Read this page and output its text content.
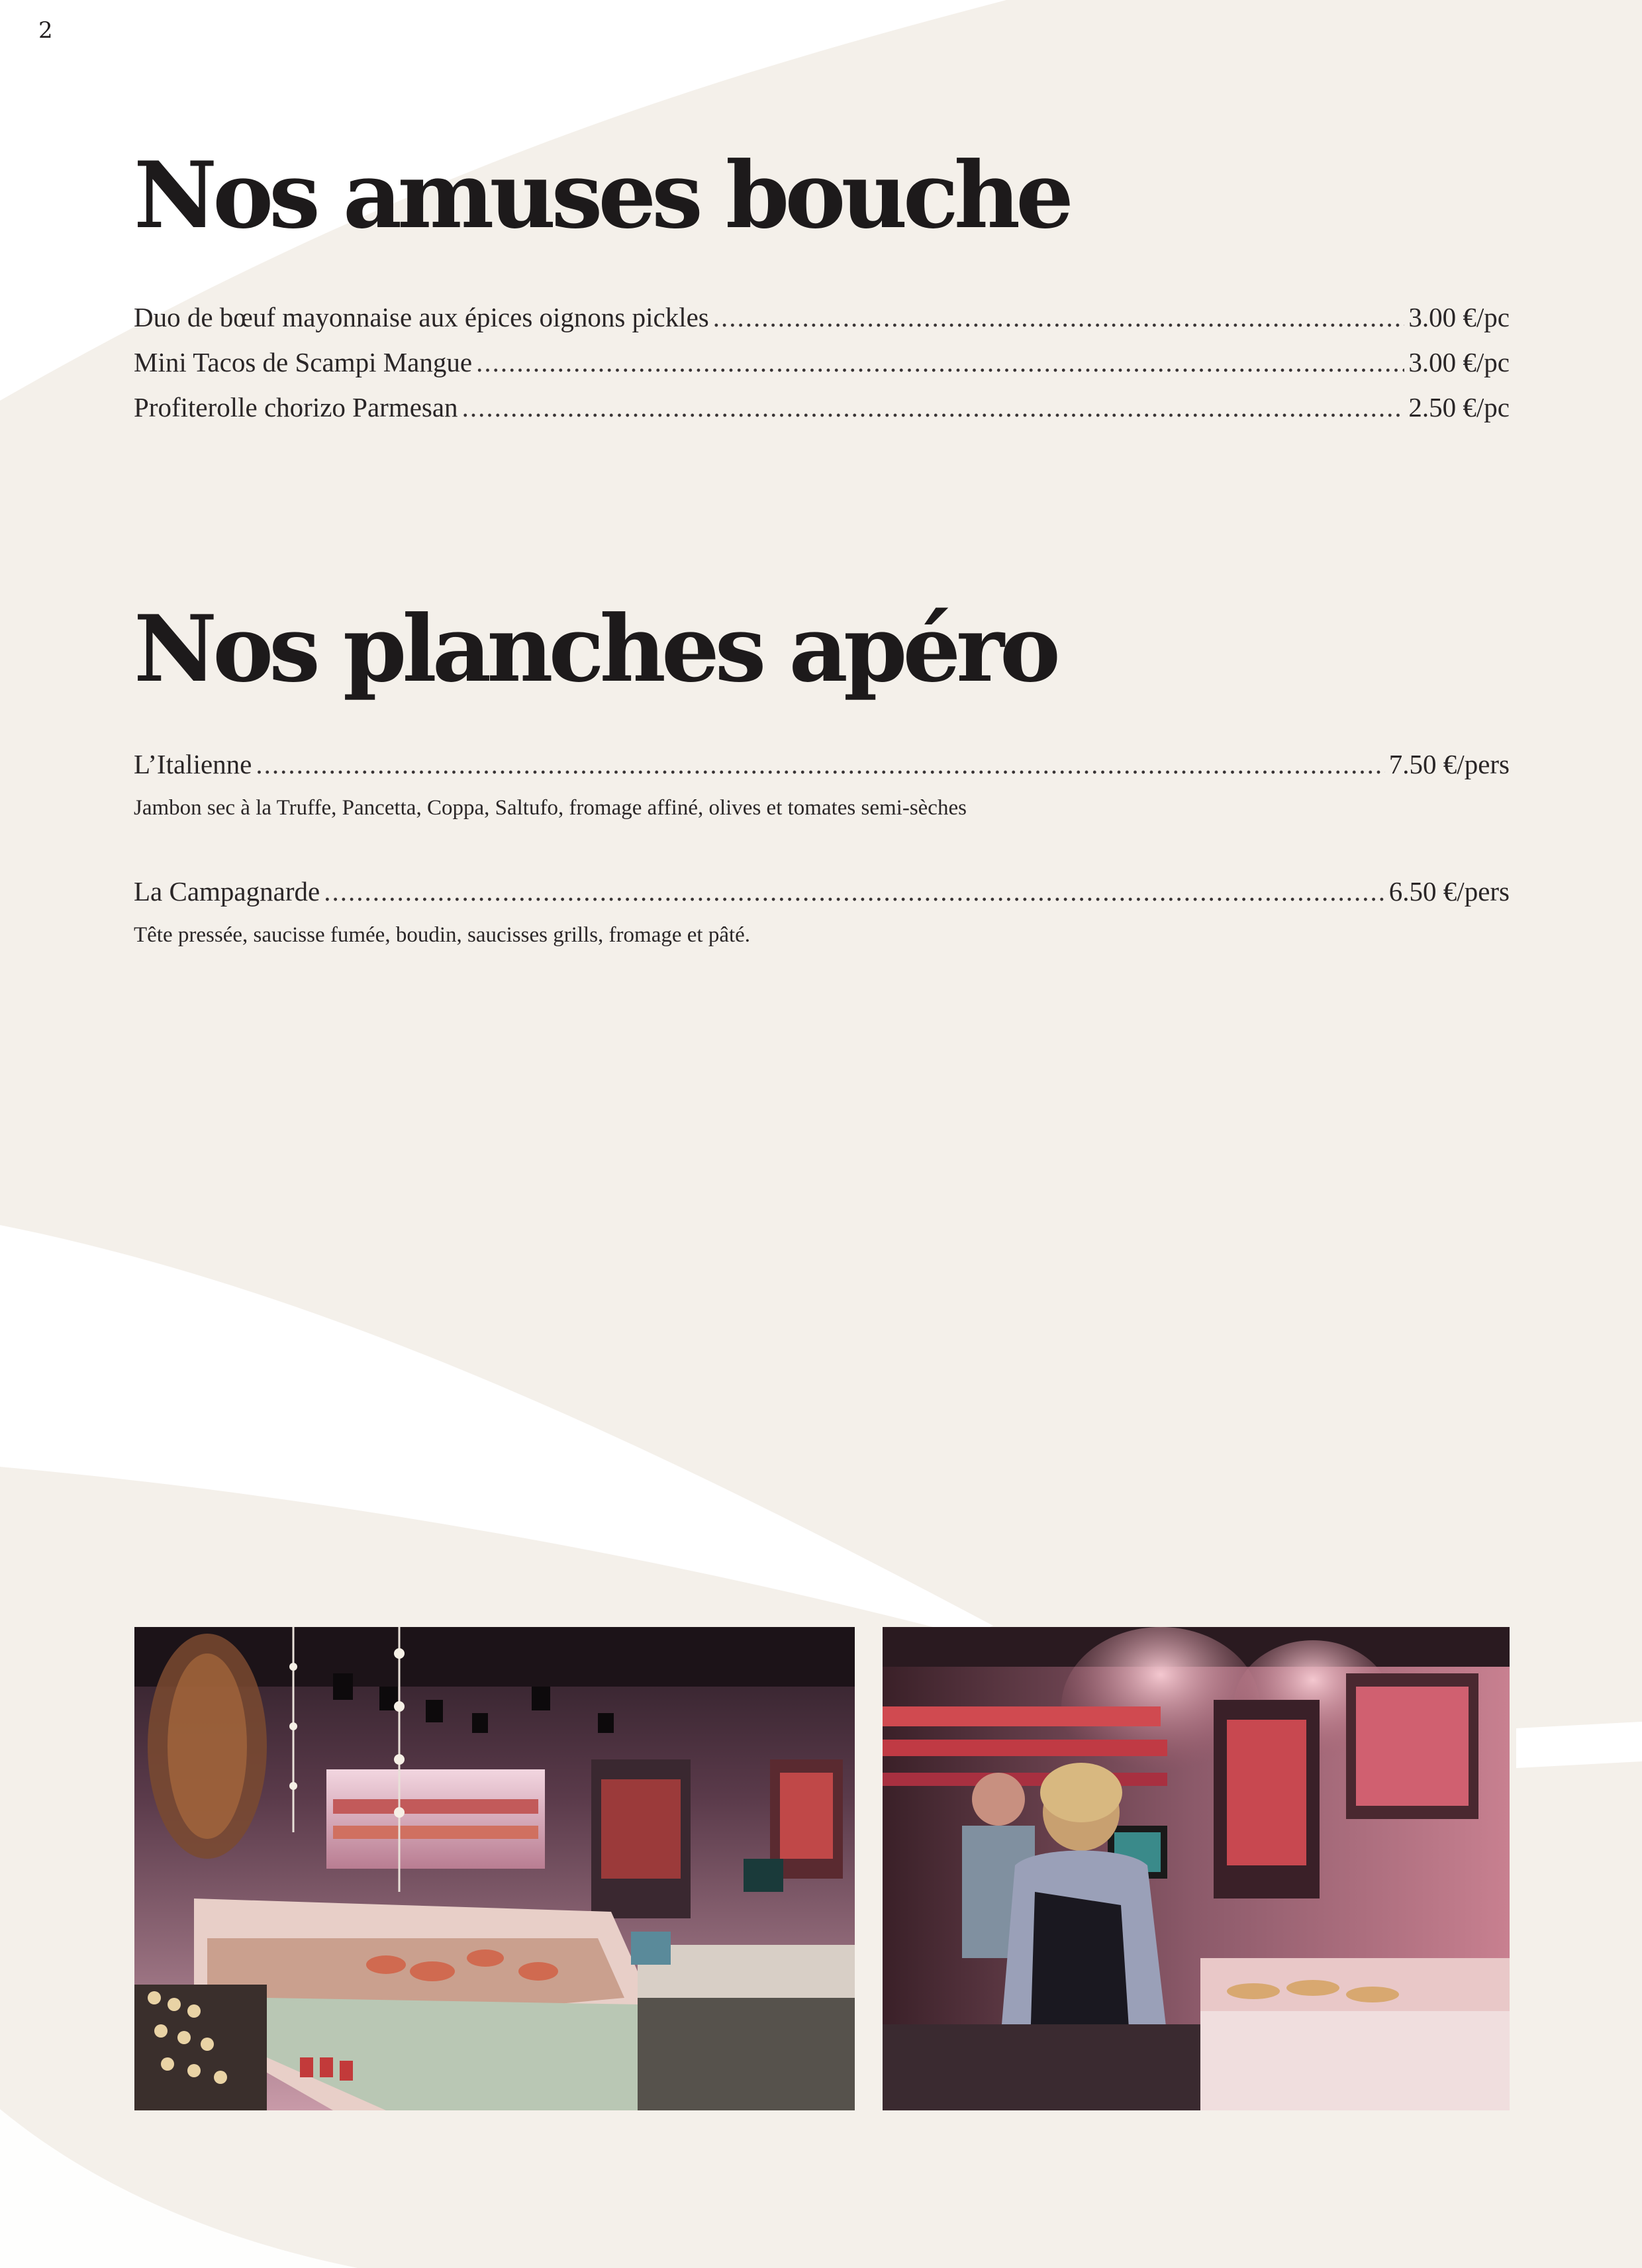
2
Nos amuses bouche
Duo de bœuf mayonnaise aux épices oignons pickles .....	3.00 €/pc
Mini Tacos de Scampi Mangue .....	3.00 €/pc
Profiterolle chorizo Parmesan .....	2.50 €/pc
Nos planches apéro
L’Italienne .....	7.50 €/pers
Jambon sec à la Truffe, Pancetta, Coppa, Saltufo, fromage affiné, olives et tomates semi-sèches
La Campagnarde .....	6.50 €/pers
Tête pressée, saucisse fumée, boudin, saucisses grills, fromage et pâté.
